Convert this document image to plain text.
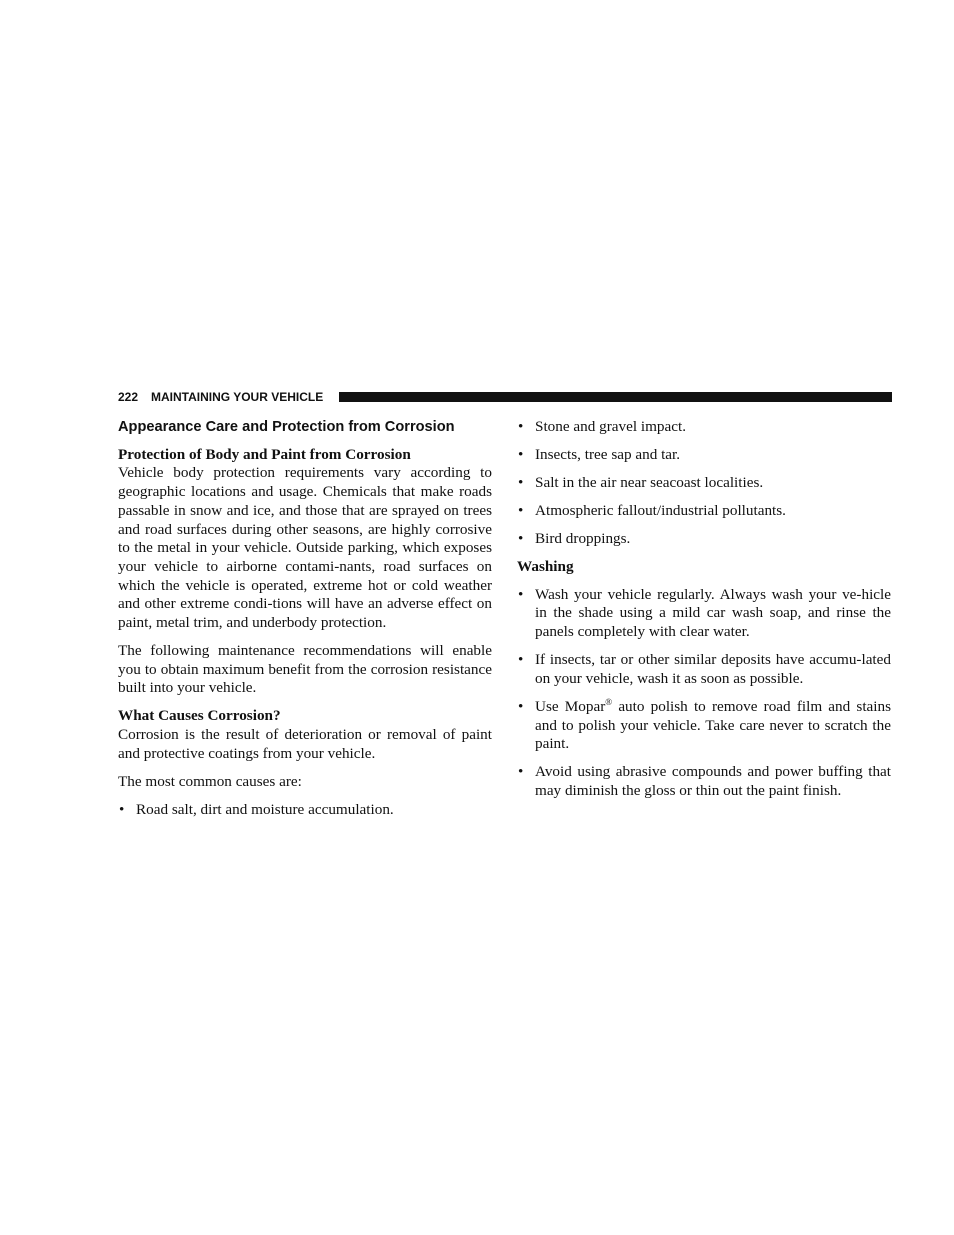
222 MAINTAINING YOUR VEHICLE
Appearance Care and Protection from Corrosion
Protection of Body and Paint from Corrosion

Vehicle body protection requirements vary according to geographic locations and usage. Chemicals that make roads passable in snow and ice, and those that are sprayed on trees and road surfaces during other seasons, are highly corrosive to the metal in your vehicle. Outside parking, which exposes your vehicle to airborne contami-nants, road surfaces on which the vehicle is operated, extreme hot or cold weather and other extreme condi-tions will have an adverse effect on paint, metal trim, and underbody protection.

The following maintenance recommendations will enable you to obtain maximum benefit from the corrosion resistance built into your vehicle.

What Causes Corrosion?

Corrosion is the result of deterioration or removal of paint and protective coatings from your vehicle.

The most common causes are:

• Road salt, dirt and moisture accumulation.
• Stone and gravel impact.
• Insects, tree sap and tar.
• Salt in the air near seacoast localities.
• Atmospheric fallout/industrial pollutants.
• Bird droppings.
Washing
• Wash your vehicle regularly. Always wash your ve-hicle in the shade using a mild car wash soap, and rinse the panels completely with clear water.
• If insects, tar or other similar deposits have accumu-lated on your vehicle, wash it as soon as possible.
• Use Mopar® auto polish to remove road film and stains and to polish your vehicle. Take care never to scratch the paint.
• Avoid using abrasive compounds and power buffing that may diminish the gloss or thin out the paint finish.
